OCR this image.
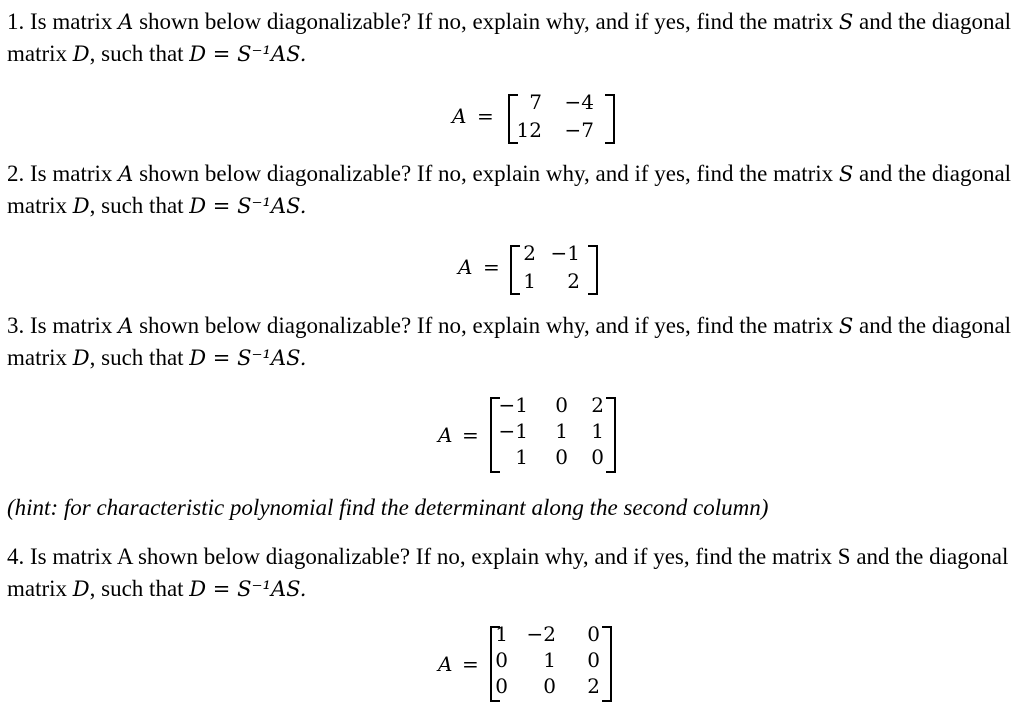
1. Is matrix A shown below diagonalizable? If no, explain why, and if yes, find the matrix S and the diagonal matrix D, such that D = S⁻¹AS.

A =
7	−4
12	−7

2. Is matrix A shown below diagonalizable? If no, explain why, and if yes, find the matrix S and the diagonal matrix D, such that D = S⁻¹AS.

A =
2 −1
1	2

3. Is matrix A shown below diagonalizable? If no, explain why, and if yes, find the matrix S and the diagonal matrix D, such that D = S⁻¹AS.

A =
−1	0	2
−1	1	1
1	0	0

(hint: for characteristic polynomial find the determinant along the second column)

4. Is matrix A shown below diagonalizable? If no, explain why, and if yes, find the matrix S and the diagonal matrix D, such that D = S⁻¹AS.

A =
1 −2	0
0	1	0
0	0	2
